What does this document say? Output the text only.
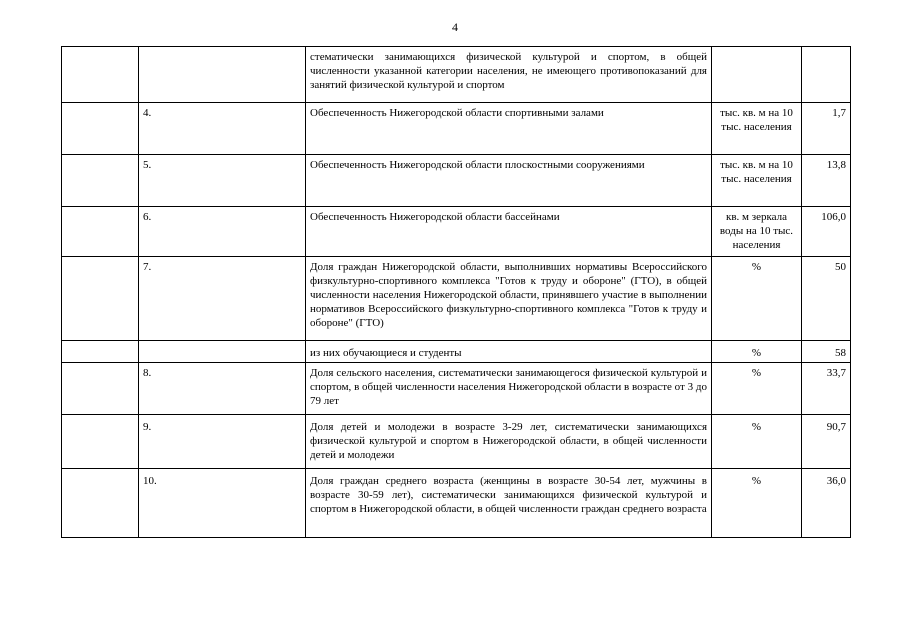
4
		стематически занимающихся физической культурой и спортом, в общей численности указанной категории населения, не имеющего противопоказаний для занятий физической культурой и спортом		
	4.	Обеспеченность Нижегородской области спортивными залами	тыс. кв. м на 10 тыс. населения	1,7
	5.	Обеспеченность Нижегородской области плоскостными сооружениями	тыс. кв. м на 10 тыс. населения	13,8
	6.	Обеспеченность Нижегородской области бассейнами	кв. м зеркала воды на 10 тыс. населения	106,0
	7.	Доля граждан Нижегородской области, выполнивших нормативы Всероссийского физкультурно-спортивного комплекса "Готов к труду и обороне" (ГТО), в общей численности населения Нижегородской области, принявшего участие в выполнении нормативов Всероссийского физкультурно-спортивного комплекса "Готов к труду и обороне" (ГТО)	%	50
		из них обучающиеся и студенты	%	58
	8.	Доля сельского населения, систематически занимающегося физической культурой и спортом, в общей численности населения Нижегородской области в возрасте от 3 до 79 лет	%	33,7
	9.	Доля детей и молодежи в возрасте 3-29 лет, систематически занимающихся физической культурой и спортом в Нижегородской области, в общей численности детей и молодежи	%	90,7
	10.	Доля граждан среднего возраста (женщины в возрасте 30-54 лет, мужчины в возрасте 30-59 лет), систематически занимающихся физической культурой и спортом в Нижегородской области, в общей численности граждан среднего возраста	%	36,0
